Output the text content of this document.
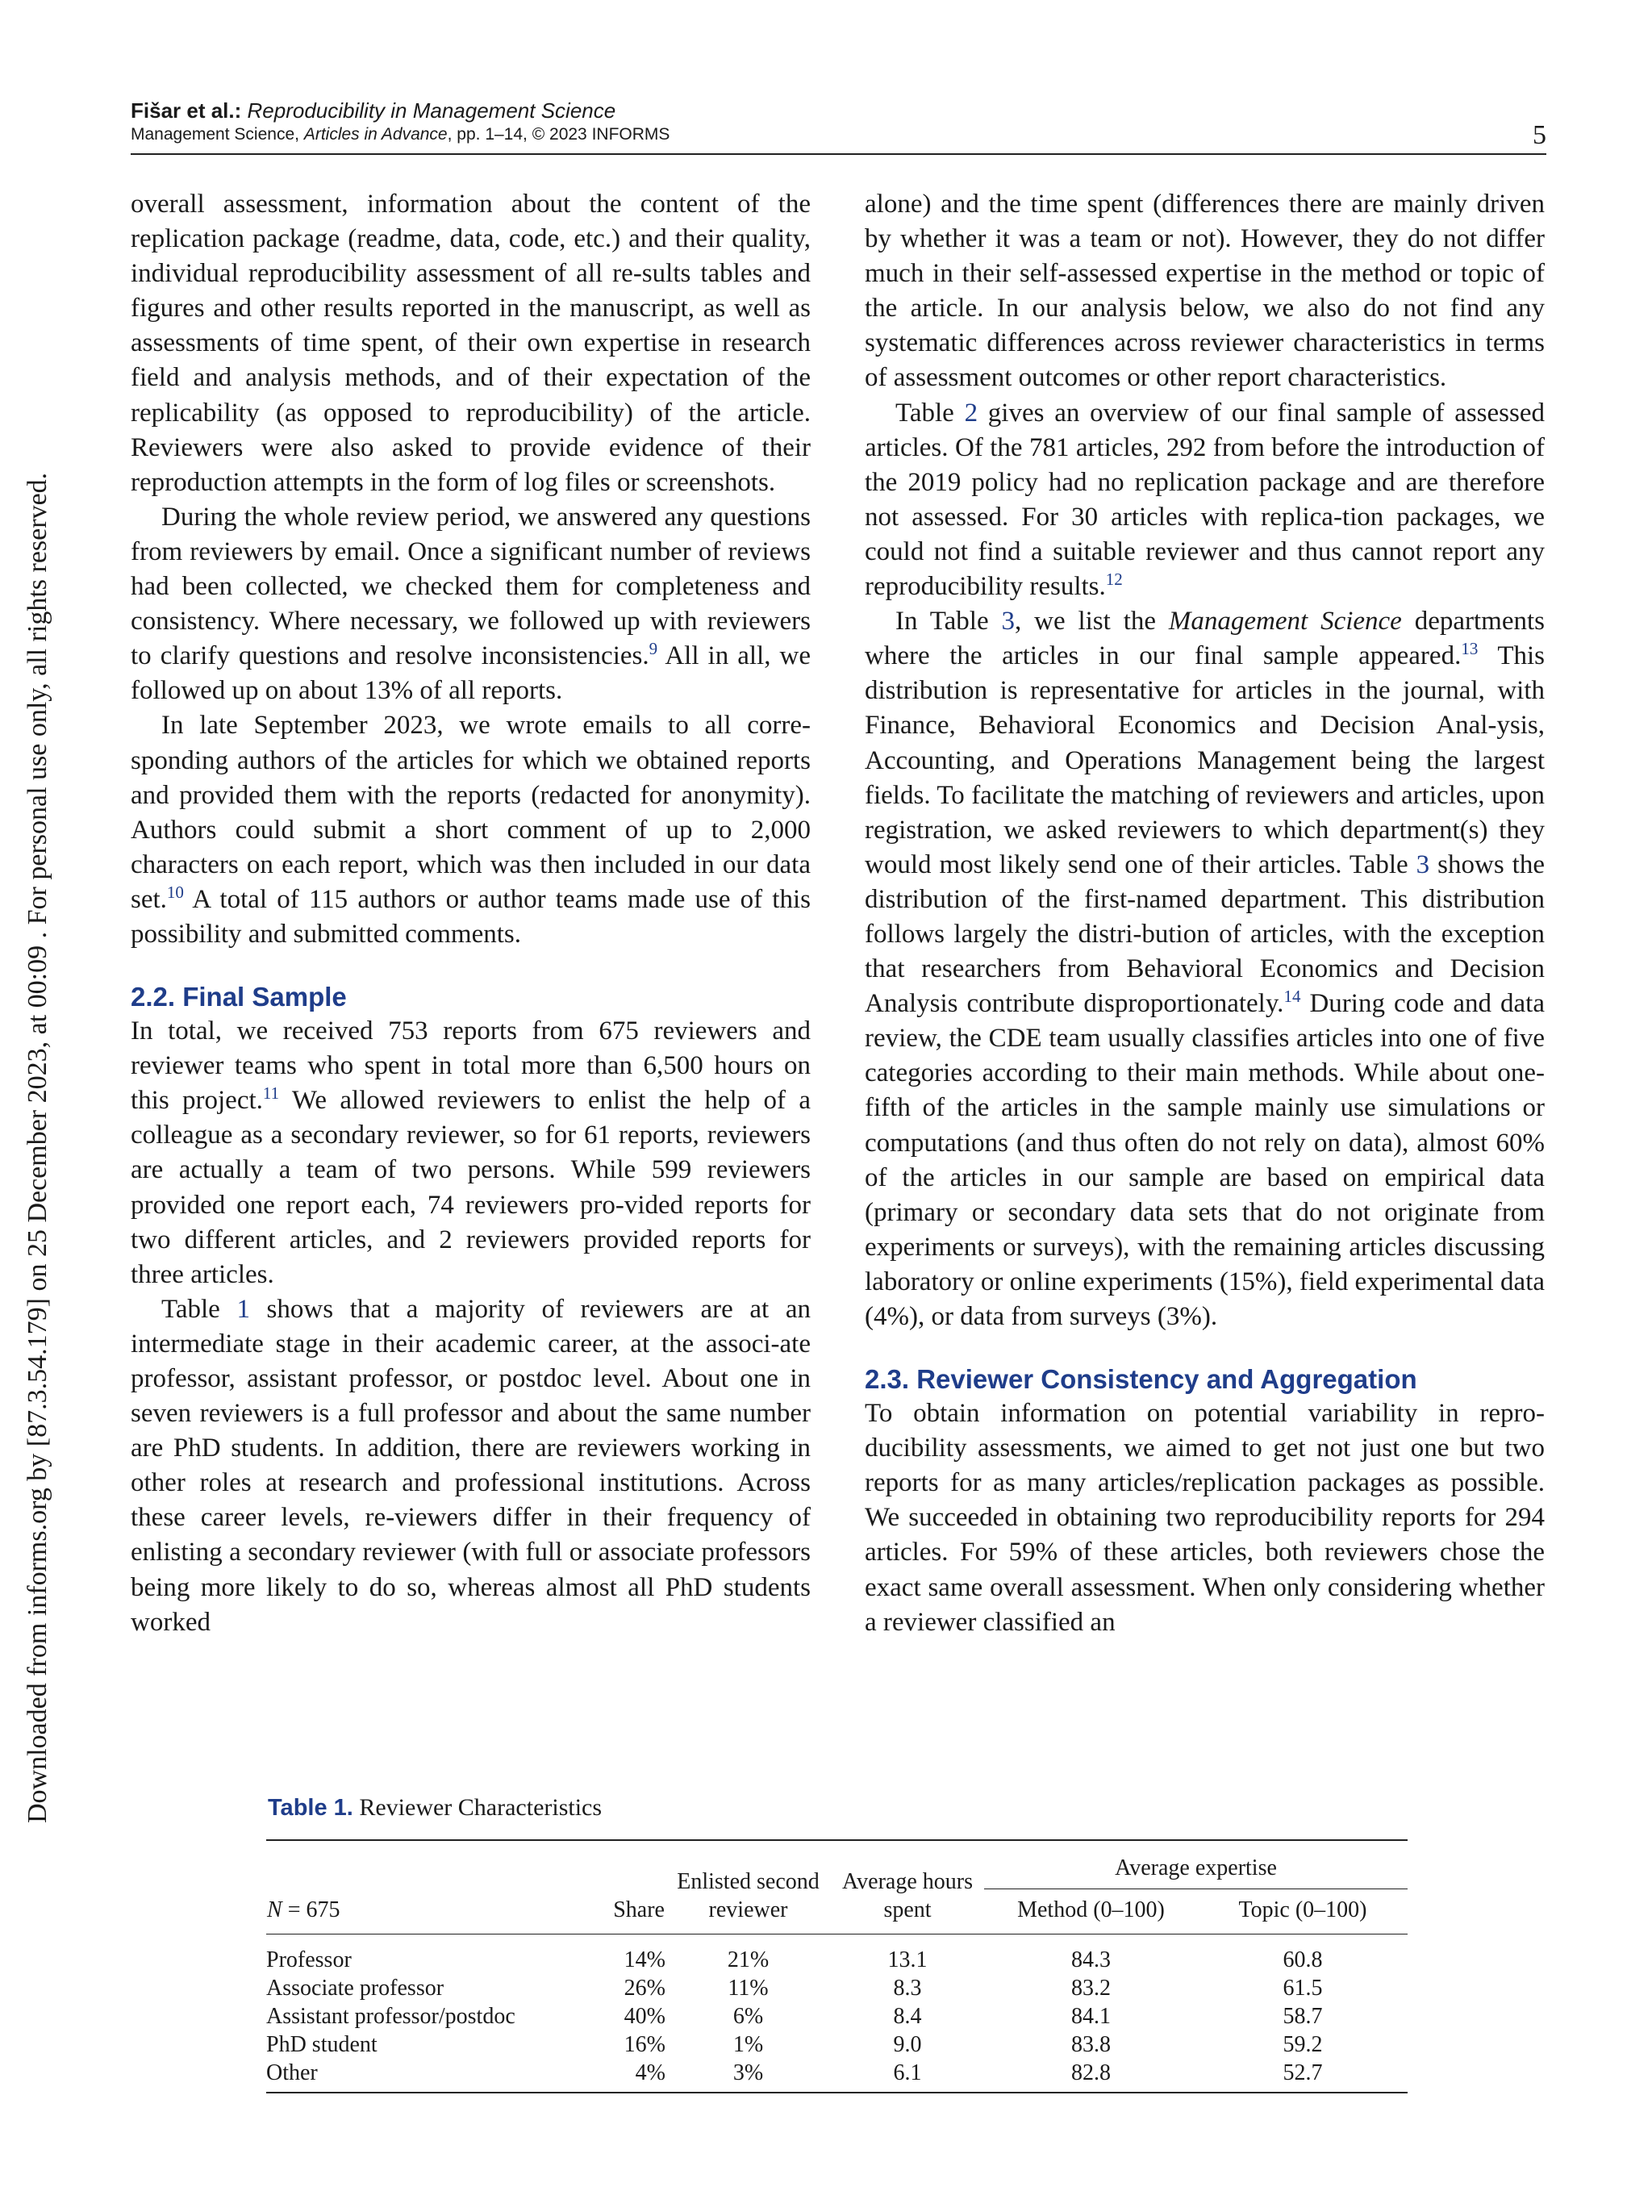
Downloaded from informs.org by [87.3.54.179] on 25 December 2023, at 00:09 . For personal use only, all rights reserved.
Fišar et al.: Reproducibility in Management Science
Management Science, Articles in Advance, pp. 1–14, © 2023 INFORMS	5

overall assessment, information about the content of the replication package (readme, data, code, etc.) and their quality, individual reproducibility assessment of all re-sults tables and figures and other results reported in the manuscript, as well as assessments of time spent, of their own expertise in research field and analysis methods, and of their expectation of the replicability (as opposed to reproducibility) of the article. Reviewers were also asked to provide evidence of their reproduction attempts in the form of log files or screenshots.

During the whole review period, we answered any questions from reviewers by email. Once a significant number of reviews had been collected, we checked them for completeness and consistency. Where necessary, we followed up with reviewers to clarify questions and resolve inconsistencies.$^9$ All in all, we followed up on about 13% of all reports.

In late September 2023, we wrote emails to all corre-sponding authors of the articles for which we obtained reports and provided them with the reports (redacted for anonymity). Authors could submit a short comment of up to 2,000 characters on each report, which was then included in our data set.$^{10}$ A total of 115 authors or author teams made use of this possibility and submitted comments.

2.2. Final Sample

In total, we received 753 reports from 675 reviewers and reviewer teams who spent in total more than 6,500 hours on this project.$^{11}$ We allowed reviewers to enlist the help of a colleague as a secondary reviewer, so for 61 reports, reviewers are actually a team of two persons. While 599 reviewers provided one report each, 74 reviewers pro-vided reports for two different articles, and 2 reviewers provided reports for three articles.

Table 1 shows that a majority of reviewers are at an intermediate stage in their academic career, at the associ-ate professor, assistant professor, or postdoc level. About one in seven reviewers is a full professor and about the same number are PhD students. In addition, there are reviewers working in other roles at research and professional institutions. Across these career levels, re-viewers differ in their frequency of enlisting a secondary reviewer (with full or associate professors being more likely to do so, whereas almost all PhD students worked

alone) and the time spent (differences there are mainly driven by whether it was a team or not). However, they do not differ much in their self-assessed expertise in the method or topic of the article. In our analysis below, we also do not find any systematic differences across reviewer characteristics in terms of assessment outcomes or other report characteristics.

Table 2 gives an overview of our final sample of assessed articles. Of the 781 articles, 292 from before the introduction of the 2019 policy had no replication package and are therefore not assessed. For 30 articles with replica-tion packages, we could not find a suitable reviewer and thus cannot report any reproducibility results.$^{12}$

In Table 3, we list the Management Science departments where the articles in our final sample appeared.$^{13}$ This distribution is representative for articles in the journal, with Finance, Behavioral Economics and Decision Anal-ysis, Accounting, and Operations Management being the largest fields. To facilitate the matching of reviewers and articles, upon registration, we asked reviewers to which department(s) they would most likely send one of their articles. Table 3 shows the distribution of the first-named department. This distribution follows largely the distri-bution of articles, with the exception that researchers from Behavioral Economics and Decision Analysis contribute disproportionately.$^{14}$ During code and data review, the CDE team usually classifies articles into one of five categories according to their main methods. While about one-fifth of the articles in the sample mainly use simulations or computations (and thus often do not rely on data), almost 60% of the articles in our sample are based on empirical data (primary or secondary data sets that do not originate from experiments or surveys), with the remaining articles discussing laboratory or online experiments (15%), field experimental data (4%), or data from surveys (3%).

2.3. Reviewer Consistency and Aggregation

To obtain information on potential variability in repro-ducibility assessments, we aimed to get not just one but two reports for as many articles/replication packages as possible. We succeeded in obtaining two reproducibility reports for 294 articles. For 59% of these articles, both reviewers chose the exact same overall assessment. When only considering whether a reviewer classified an

Table 1. Reviewer Characteristics
N = 675	Share	Enlisted second reviewer	Average hours spent	Average expertise	
				Method (0–100)	Topic (0–100)
Professor	14%	21%	13.1	84.3	60.8
Associate professor	26%	11%	8.3	83.2	61.5
Assistant professor/postdoc	40%	6%	8.4	84.1	58.7
PhD student	16%	1%	9.0	83.8	59.2
Other	4%	3%	6.1	82.8	52.7
